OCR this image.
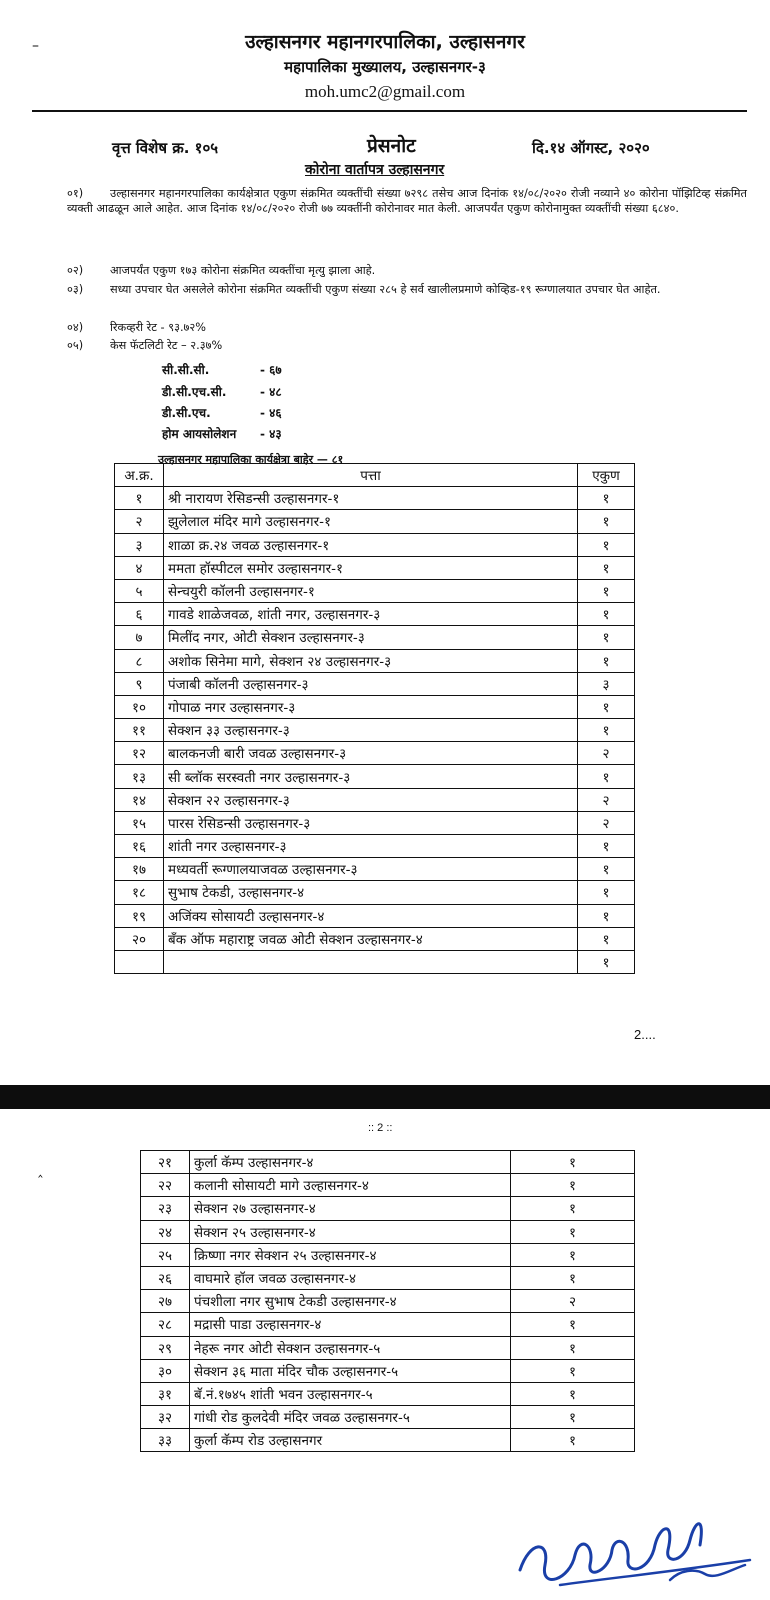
उल्हासनगर महानगरपालिका, उल्हासनगर
महापालिका मुख्यालय, उल्हासनगर-३
moh.umc2@gmail.com
–
वृत्त विशेष क्र. १०५	प्रेसनोट	दि.१४ ऑगस्ट, २०२०
कोरोना वार्तापत्र उल्हासनगर
०१) उल्हासनगर महानगरपालिका कार्यक्षेत्रात एकुण संक्रमित व्यक्तींची संख्या ७२९८ तसेच आज दिनांक १४/०८/२०२० रोजी नव्याने ४० कोरोना पॉझिटिव्ह संक्रमित व्यक्ती आढळून आले आहेत. आज दिनांक १४/०८/२०२० रोजी ७७ व्यक्तींनी कोरोनावर मात केली. आजपर्यंत एकुण कोरोनामुक्त व्यक्तींची संख्या ६८४०.
०२) आजपर्यंत एकुण १७३ कोरोना संक्रमित व्यक्तींचा मृत्यु झाला आहे.
०३) सध्या उपचार घेत असलेले कोरोना संक्रमित व्यक्तींची एकुण संख्या २८५ हे सर्व खालीलप्रमाणे कोव्हिड-१९ रूग्णालयात उपचार घेत आहेत.
०४) रिकव्हरी रेट - ९३.७२%
०५) केस फॅटलिटी रेट – २.३७%
सी.सी.सी.	- ६७
डी.सी.एच.सी.	- ४८
डी.सी.एच.	- ४६
होम आयसोलेशन - ४३
उल्हासनगर महापालिका कार्यक्षेत्रा बाहेर — ८१
अ.क्र.	पत्ता	एकुण
१	श्री नारायण रेसिडन्सी उल्हासनगर-१	१
२	झुलेलाल मंदिर मागे उल्हासनगर-१	१
३	शाळा क्र.२४ जवळ उल्हासनगर-१	१
४	ममता हॉस्पीटल समोर उल्हासनगर-१	१
५	सेन्चयुरी कॉलनी उल्हासनगर-१	१
६	गावडे शाळेजवळ, शांती नगर, उल्हासनगर-३	१
७	मिलींद नगर, ओटी सेक्शन उल्हासनगर-३	१
८	अशोक सिनेमा मागे, सेक्शन २४ उल्हासनगर-३	१
९	पंजाबी कॉलनी उल्हासनगर-३	३
१०	गोपाळ नगर उल्हासनगर-३	१
११	सेक्शन ३३ उल्हासनगर-३	१
१२	बालकनजी बारी जवळ उल्हासनगर-३	२
१३	सी ब्लॉक सरस्वती नगर उल्हासनगर-३	१
१४	सेक्शन २२ उल्हासनगर-३	२
१५	पारस रेसिडन्सी उल्हासनगर-३	२
१६	शांती नगर उल्हासनगर-३	१
१७	मध्यवर्ती रूग्णालयाजवळ उल्हासनगर-३	१
१८	सुभाष टेकडी, उल्हासनगर-४	१
१९	अजिंक्य सोसायटी उल्हासनगर-४	१
२०	बँक ऑफ महाराष्ट्र जवळ ओटी सेक्शन उल्हासनगर-४	१
		१
2....
:: 2 ::
‸	२१	कुर्ला कॅम्प उल्हासनगर-४	१
२२	कलानी सोसायटी मागे उल्हासनगर-४	१
२३	सेक्शन २७ उल्हासनगर-४	१
२४	सेक्शन २५ उल्हासनगर-४	१
२५	क्रिष्णा नगर सेक्शन २५ उल्हासनगर-४	१
२६	वाघमारे हॉल जवळ उल्हासनगर-४	१
२७	पंचशीला नगर सुभाष टेकडी उल्हासनगर-४	२
२८	मद्रासी पाडा उल्हासनगर-४	१
२९	नेहरू नगर ओटी सेक्शन उल्हासनगर-५	१
३०	सेक्शन ३६ माता मंदिर चौक उल्हासनगर-५	१
३१	बॅ.नं.१७४५ शांती भवन उल्हासनगर-५	१
३२	गांधी रोड कुलदेवी मंदिर जवळ उल्हासनगर-५	१
३३	कुर्ला कॅम्प रोड उल्हासनगर	१
